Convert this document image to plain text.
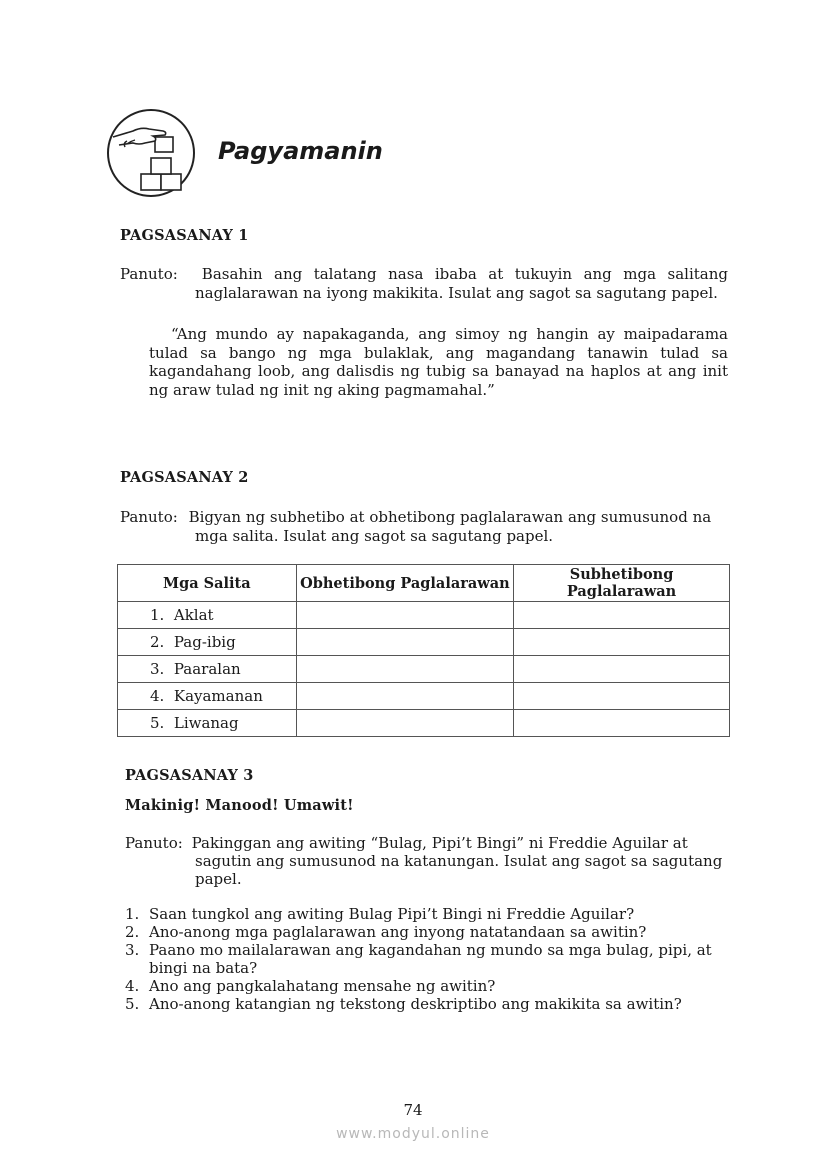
Pagyamanin
PAGSASANAY 1
Panuto: Basahin ang talatang nasa ibaba at tukuyin ang mga salitang
naglalarawan na iyong makikita. Isulat ang sagot sa sagutang papel.
“Ang mundo ay napakaganda, ang simoy ng hangin ay maipadarama tulad sa bango ng mga bulaklak, ang magandang tanawin tulad sa kagandahang loob, ang dalisdis ng tubig sa banayad na haplos at ang init ng araw tulad ng init ng aking pagmamahal.”
PAGSASANAY 2
Panuto: Bigyan ng subhetibo at obhetibong paglalarawan ang sumusunod na
mga salita. Isulat ang sagot sa sagutang papel.
Mga Salita	Obhetibong Paglalarawan	Subhetibong Paglalarawan
1. Aklat		
2. Pag-ibig		
3. Paaralan		
4. Kayamanan		
5. Liwanag		
PAGSASANAY 3
Makinig! Manood! Umawit!
Panuto: Pakinggan ang awiting “Bulag, Pipi’t Bingi” ni Freddie Aguilar at
sagutin ang sumusunod na katanungan. Isulat ang sagot sa sagutang
papel.
1. Saan tungkol ang awiting Bulag Pipi’t Bingi ni Freddie Aguilar?
2. Ano-anong mga paglalarawan ang inyong natatandaan sa awitin?
3. Paano mo mailalarawan ang kagandahan ng mundo sa mga bulag, pipi, at bingi na bata?
4. Ano ang pangkalahatang mensahe ng awitin?
5. Ano-anong katangian ng tekstong deskriptibo ang makikita sa awitin?
74
www.modyul.online
